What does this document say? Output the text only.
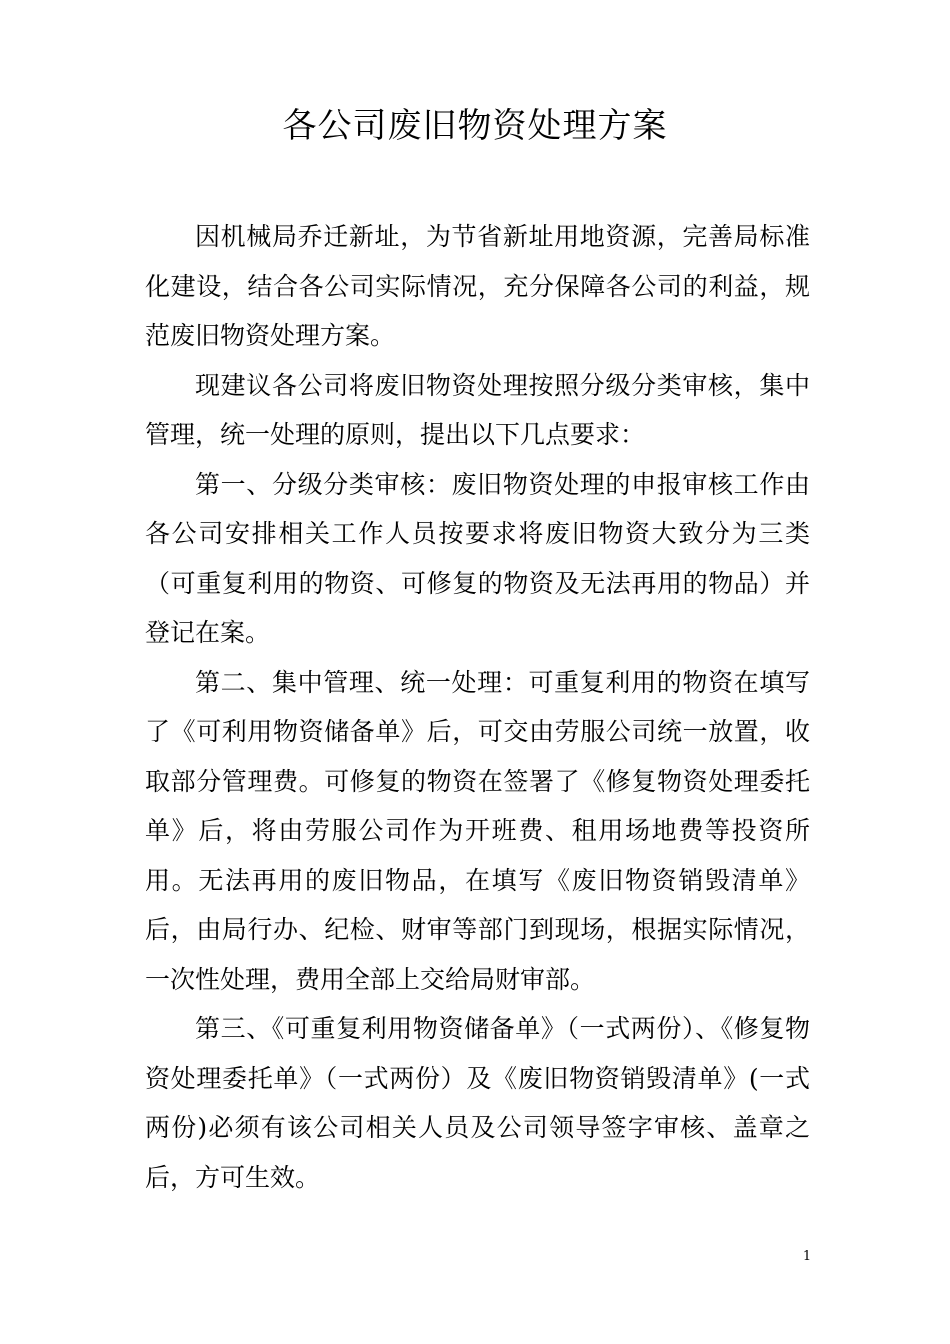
各公司废旧物资处理方案

因机械局乔迁新址，为节省新址用地资源，完善局标准化建设，结合各公司实际情况，充分保障各公司的利益，规范废旧物资处理方案。

现建议各公司将废旧物资处理按照分级分类审核，集中管理，统一处理的原则，提出以下几点要求：

第一、分级分类审核：废旧物资处理的申报审核工作由各公司安排相关工作人员按要求将废旧物资大致分为三类（可重复利用的物资、可修复的物资及无法再用的物品）并登记在案。

第二、集中管理、统一处理：可重复利用的物资在填写了《可利用物资储备单》后，可交由劳服公司统一放置，收取部分管理费。可修复的物资在签署了《修复物资处理委托单》后，将由劳服公司作为开班费、租用场地费等投资所用。无法再用的废旧物品，在填写《废旧物资销毁清单》后，由局行办、纪检、财审等部门到现场，根据实际情况，一次性处理，费用全部上交给局财审部。

第三、《可重复利用物资储备单》（一式两份）、《修复物资处理委托单》（一式两份）及《废旧物资销毁清单》(一式两份)必须有该公司相关人员及公司领导签字审核、盖章之后，方可生效。

1
